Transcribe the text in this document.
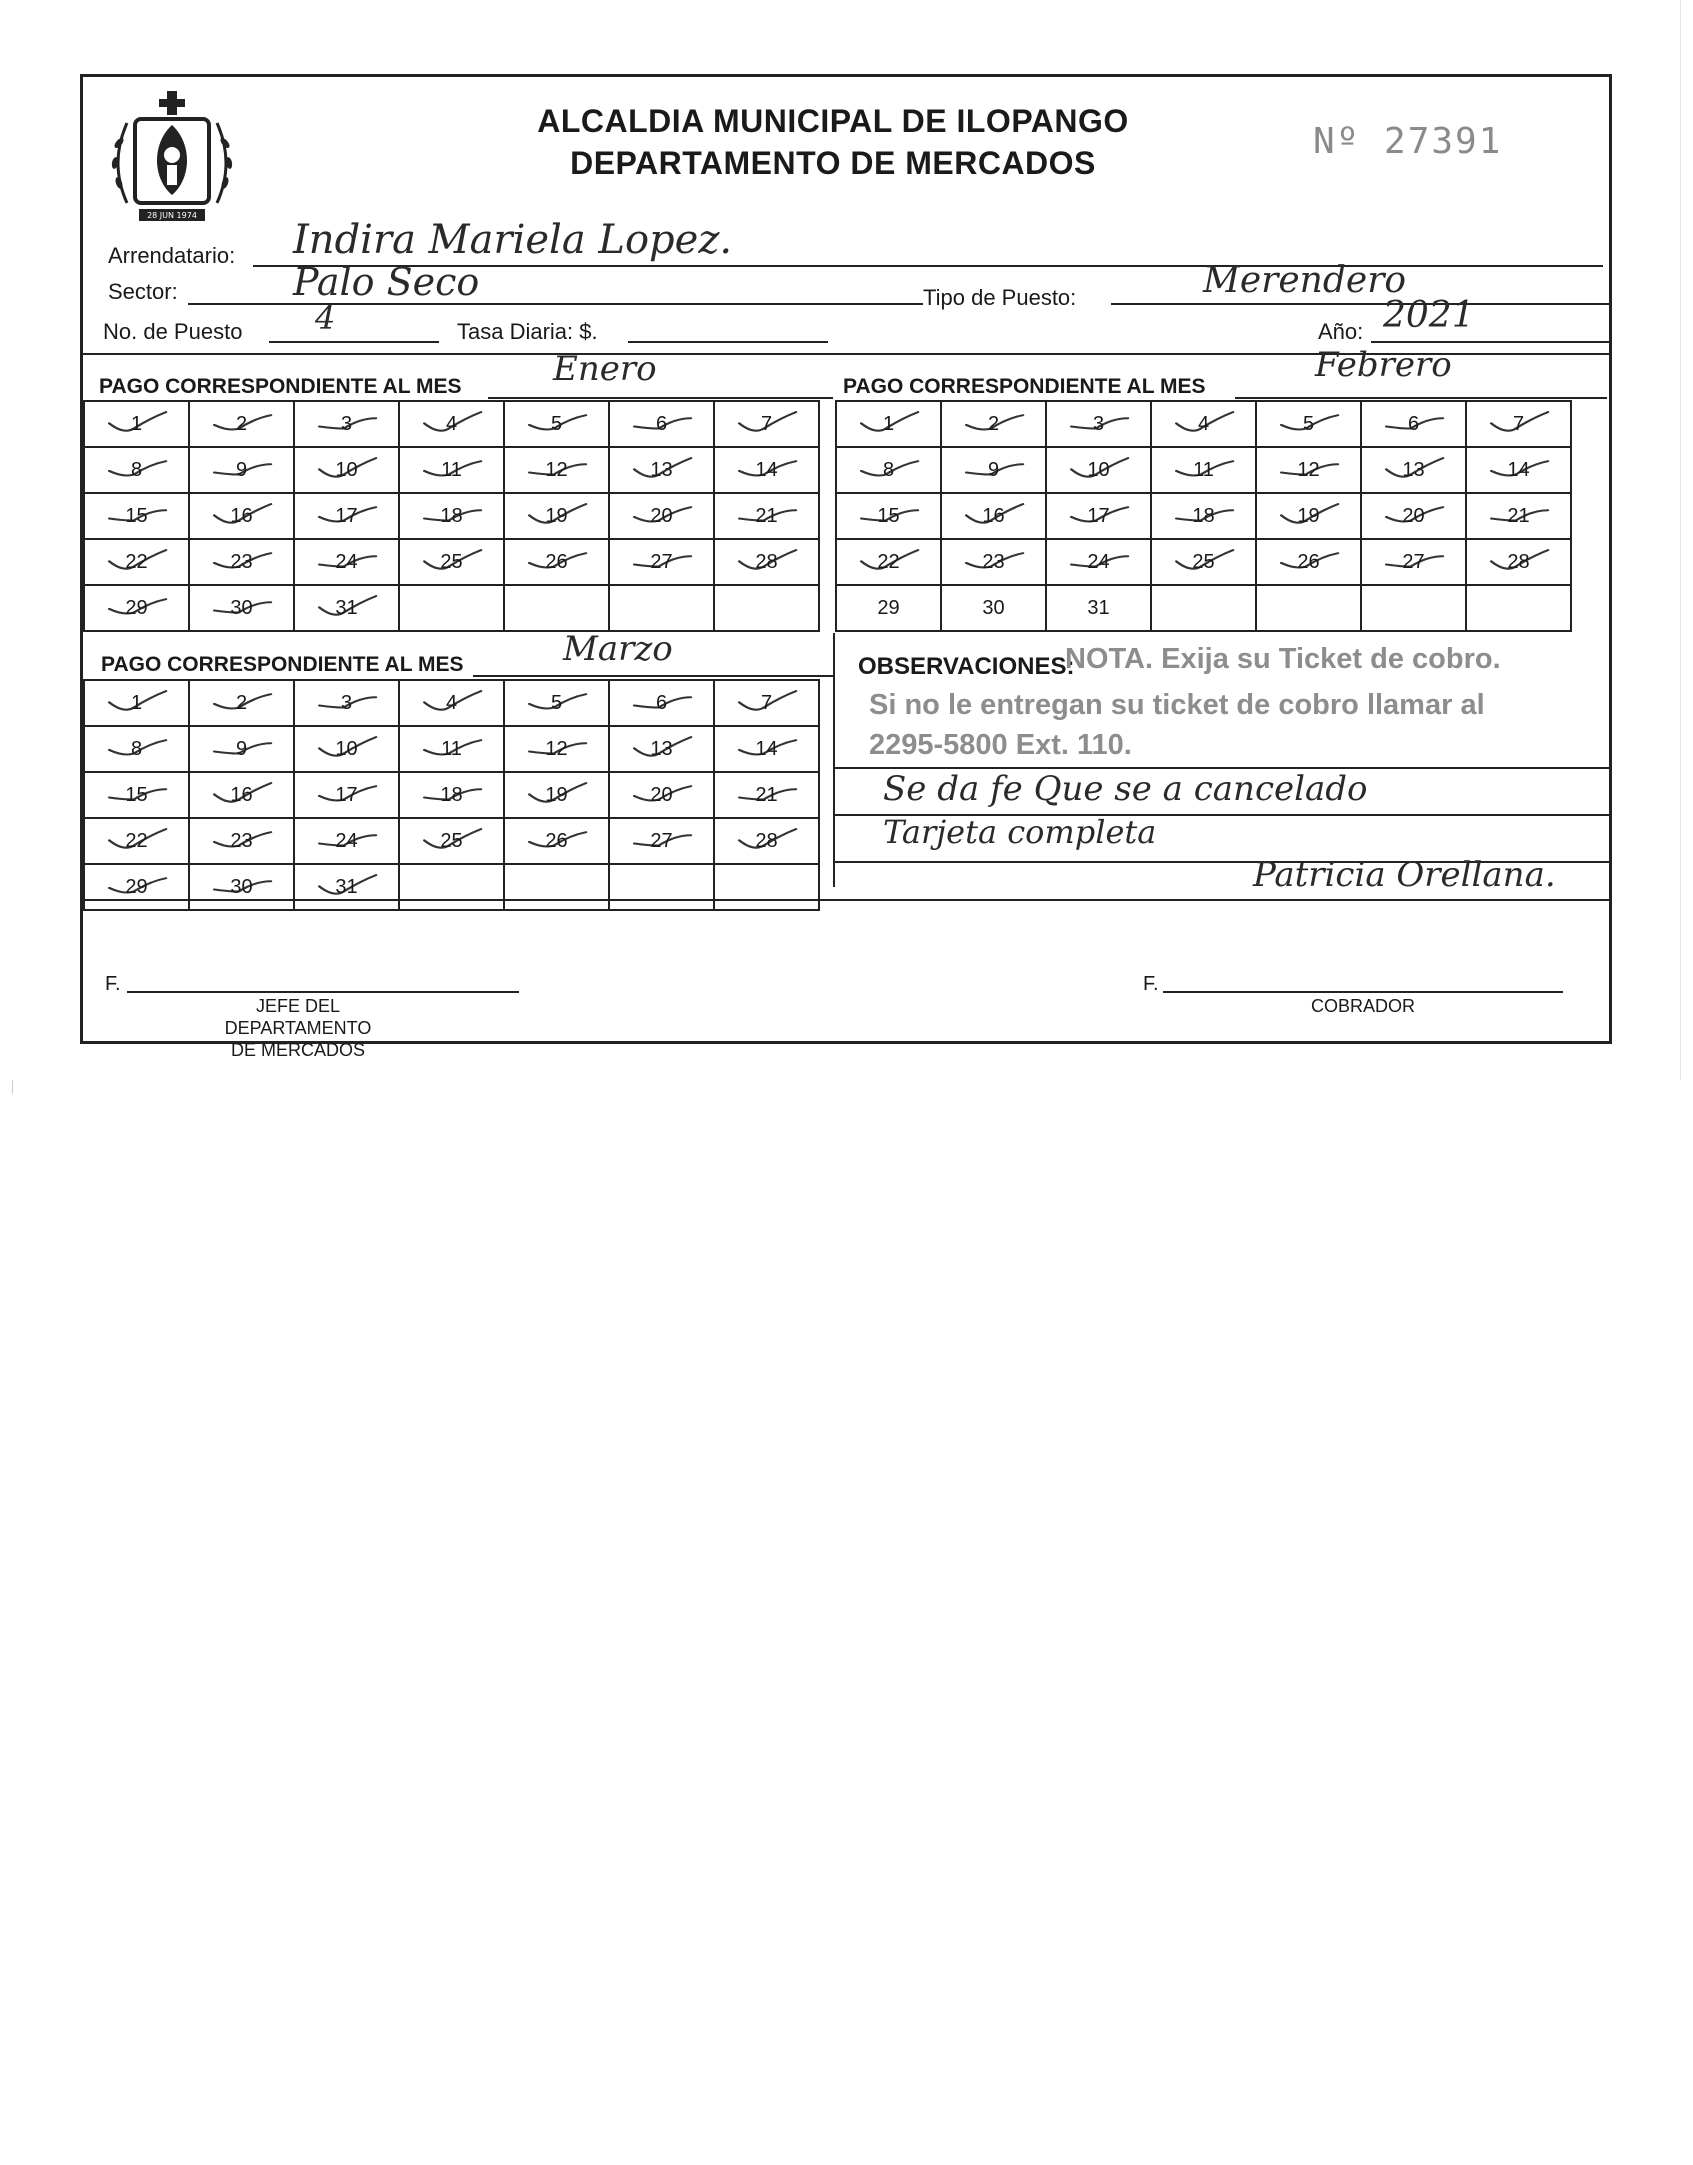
28 JUN 1974
ALCALDIA MUNICIPAL DE ILOPANGO
DEPARTAMENTO DE MERCADOS
Nº 27391
Arrendatario: Indira Mariela Lopez.
Sector:	Palo Seco	Tipo de Puesto:	Merendero
No. de Puesto 4	Tasa Diaria: $.	Año: 2021
PAGO CORRESPONDIENTE AL MES	Enero	PAGO CORRESPONDIENTE AL MES
Febrero
1	2	3	4	5	6	7

8	9	10	11	12	13	14

15	16	17	18	19	20	21

22	23	24	25	26	27	28

29	30	31

1	2	3	4	5	6	7

8	9	10	11	12	13	14

15	16	17	18	19	20	21

22	23	24	25	26	27	28

29	30	31				
PAGO CORRESPONDIENTE AL MES	Marzo
1	2	3	4	5	6	7

8	9	10	11	12	13	14

15	16	17	18	19	20	21

22	23	24	25	26	27	28

29	30	31

OBSERVACIONES:
NOTA. Exija su Ticket de cobro.
Si no le entregan su ticket de cobro llamar al
2295-5800 Ext. 110.
Se da fe Que se a cancelado
Tarjeta completa
Patricia Orellana.
F.
JEFE DEL DEPARTAMENTO
DE MERCADOS
F.
COBRADOR
